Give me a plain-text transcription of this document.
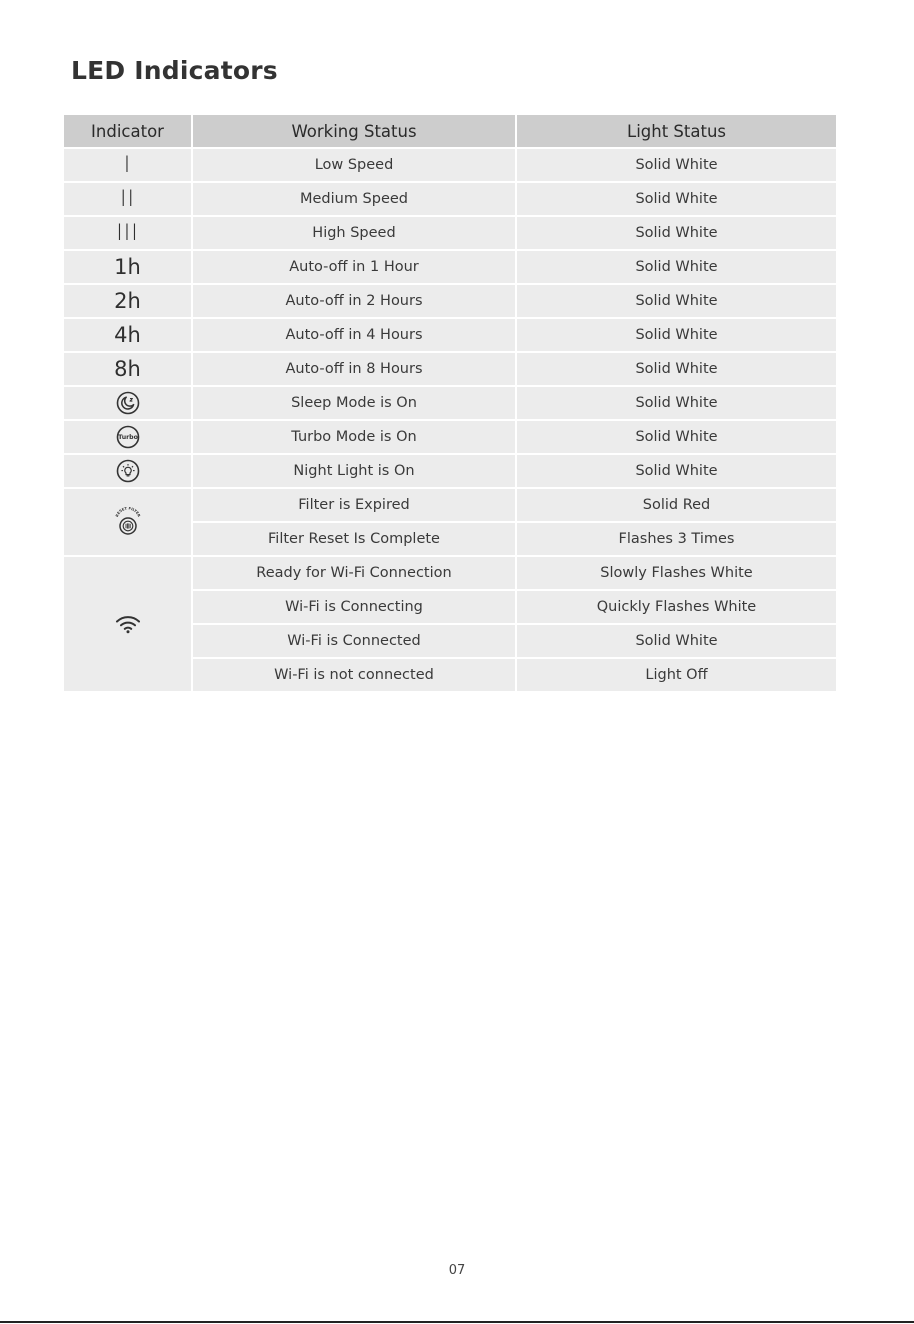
LED Indicators
Indicator	Working Status	Light Status
I	Low Speed	Solid White
II	Medium Speed	Solid White
III	High Speed	Solid White
1h	Auto-off in 1 Hour	Solid White
2h	Auto-off in 2 Hours	Solid White
4h	Auto-off in 4 Hours	Solid White
8h	Auto-off in 8 Hours	Solid White
	Sleep Mode is On	Solid White

Turbo	Turbo Mode is On	Solid White
	Night Light is On	Solid White

RESET FILTER	Filter is Expired	Solid Red
	Filter Reset Is Complete	Flashes 3 Times
	Ready for Wi-Fi Connection	Slowly Flashes White
	Wi-Fi is Connecting	Quickly Flashes White
	Wi-Fi is Connected	Solid White
	Wi-Fi is not connected	Light Off
07
